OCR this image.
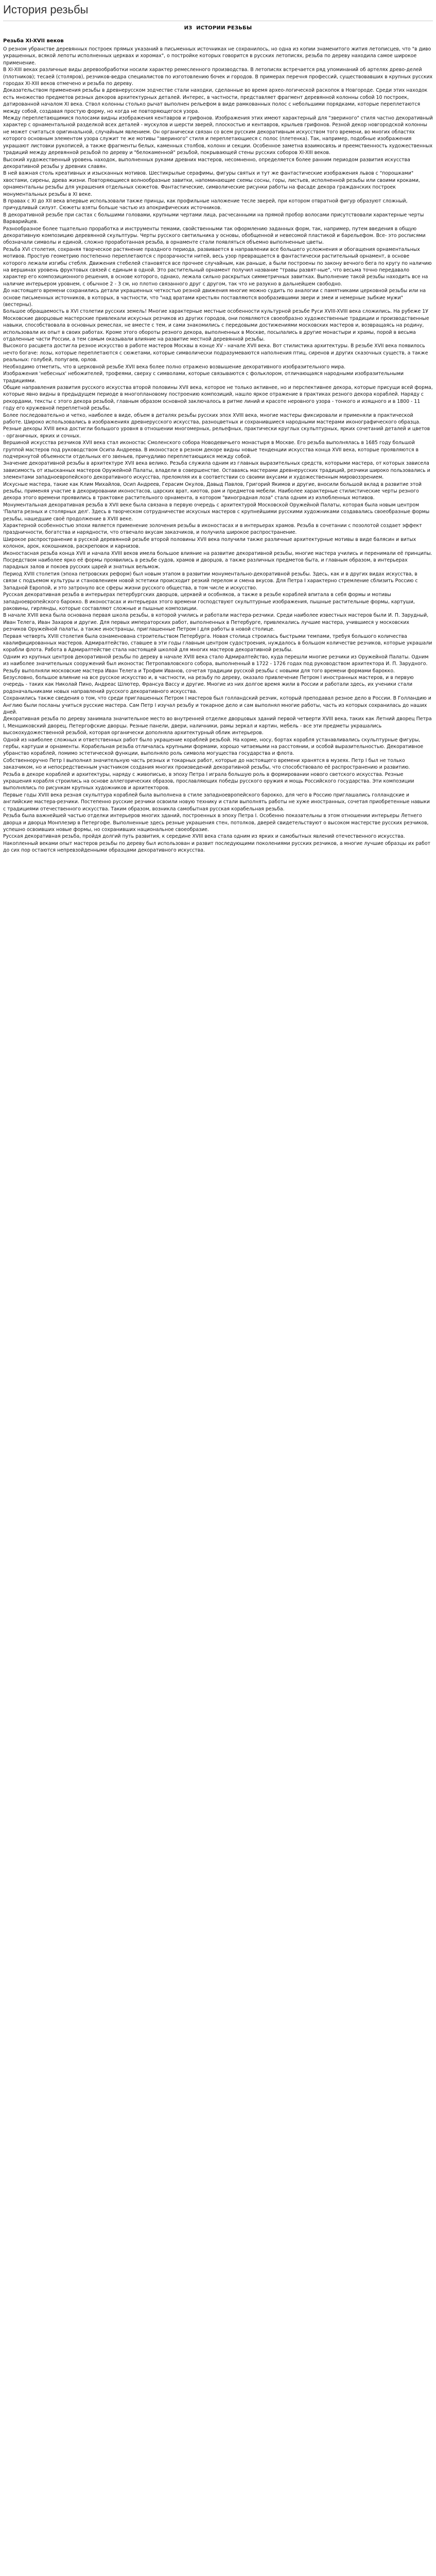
История резьбы
ИЗ ИСТОРИИ РЕЗЬБЫ
Резьба XI-XVII веков

О резном убранстве деревянных построек прямых указаний в письменных источниках не сохранилось, но одна из копии знаменитого жития летописцев, что "в диво украшенных, всякой лепоты исполненных церквах и хоромах", о постройке которых говорится в русских летописях, резьба по дереву находила самое широкое применение.

В XI-XIII веках различные виды деревообработки носили характер ремесленного производства. В летописях встречается ряд упоминаний об артелях древо-делей (плотников); тесаей (столяров), резчиков-ведра специалистов по изготовлению бочек и городов. В примерах перечня профессий, существовавших в крупных русских городах XI-XIII веков отмечено и резьба по дереву.

Доказательством применения резьбы в древнерусском зодчестве стали находки, сделанные во время архео-логической раскопок в Новгороде. Среди этих находок есть множество предметов резных декоров архитектурных деталей. Интерес, в частности, представляет фрагмент деревянной колонны собой 10 построек, датированной началом XI века. Ствол колонны столько рычат выполнен рельефом в виде рамкованных полос с небольшими порядками, которые переплетаются между собой, создавая простую форму, но когда не повторяющегося узора.

Между переплетающимися полосами видны изображения кентавров и грифонов. Изображения этих имеют характерный для "звериного" стиля частно декоративный характер с орнаментальной разделкой всех деталей - мускулов и шерсти зверей, плоскостью и кентавров, крыльев грифонов. Резной декор новгородской колонны не может считаться оригинальной, случайным явлением. Он органически связан со всем русским декоративным искусством того времени, во многих областях которого основным элементом узора служит те же мотивы "звериного" стиля и переплетающиеся с полос (плетенка). Так, например, подобные изображения украшают листовки рукописей, а также фрагменты белых, каменных столбов, колонн и секции. Особенное заметна взаимосвязь и преемственность художественных традиций между деревянной резьбой по дереву и "белокаменной" резьбой, покрывающей стены русских соборов XI-XIII веков.

Высокий художественный уровень находок, выполненных руками древних мастеров, несомненно, определяется более ранним периодом развития искусства декоративной резьбы у древних славян.

В ней важная столь креативных и изысканных мотивов. Шестикрылые серафимы, фигуры святых и тут же фантастические изображения львов с "порошками" хвостами, сирены, древа жизни. Повторяющиеся волнообразные завитки, напоминающие схемы сосны, горы, листьев, исполненной резьбы или своими кроками, орнаментальны резьбы для украшения отдельных сюжетов. Фантастические, символические рисунки работы на фасаде декора гражданских построек монументальных резьбы в XI веке.

В правах с XI до XII века впервые использовали также принцы, как профильные наложение тесле зверей, при котором отвратной фигур образуют сложный, причудливый силуэт. Сюжеты взяты больше частью из апокрифических источников.

В декоративной резьбе при састах с большими головами, крупными чертами лица, расчесанными на прямой пробор волосами присутствовали характерные черты Варварийцев.

Разнообразное более тщательно проработка и инструменты темами, свойственными так оформлению заданных форм, так, например, путем введения в общую декоративную композицию деревянной скульптуры. Черты русского светильника у основы, обобщенной и невесомой пластикой и барельефом. Все- это росписями обозначали символы и единой, сложно проработанная резьба, в орнаменте стали появляться объемно выполненные цветы.

Резьба XVI столетия, сохраняя творческое растянение праздного периода, развивается в направлении все большего усложнения и обогащения орнаментальных мотивов. Простую геометрию постепенно переплетаются с прозрачности нитей, весь узор превращается в фантастически растительный орнамент, в основе которого лежали изгибы стебля. Движения стебелей становятся все прочнее случайным, как раньше, а были построены по закону вечного бега по кругу по наличию на вершинах уровень фруктовых связей с единым в одной. Это растительный орнамент получил название "травы развят-ные", что весьма точно передавало характер его композиционного решения, в основе которого, однако, лежала сильно раскрытых симметричных завитках. Выполнение такой резьбы находить все на наличие интерьером уровнем, с обычное 2 - 3 см, но плотно связанного друг с другом, так что не разукно в дальнейшем свободно.

До настоящего времени сохранились детали украшенных четкостью резной движения многие можно судить по аналогии с памятниками церковной резьбы или на основе письменных источников, в которых, в частности, что "над вратами крестьян поставляются вообразившими звери и змеи и немерные зыбкие мужи" (вестерны).

Большое обращаемость в XVI столетии русских земель! Многие характерные местные особенности культурной резьбе Руси XVIII-XVIII века сложились. На рубеже 1У Московские дворцовые мастерские привлекали искусных резчиков из других городов, они появляются своеобразно художественные традиции и производственные навыки, способствовала в основных ремеслах, не вместе с тем, и сами знакомились с передовыми достижениями московских мастеров и, возвращаясь на родину, использовали их опыт в своих работах. Кроме этого обороты резного декора, выполненных в Москве, посылались в другие монастыри и храмы, порой в весьма отдаленные части России, а тем самым оказывали влияние на развитие местной деревянной резьбы.

Высокого расцвета достигла резное искусство в работе мастеров Москвы в конце XV - начале XVII века. Вот стилистика архитектуры. В резьбе XVII века появилось нечто богаче: лозы, которые переплетаются с сюжетами, которые символически подразумеваются наполнения птиц, сиренов и других сказочных существ, а также реальных: голубей, попугаев, орлов.

Необходимо отметить, что в церковной резьбе XVII века более полно отражено возвышение декоративного изобразительного мира.

Изображения 'небесных' небожителей, трофеями, сверху с символами, которые связываются с фольклором, отличающаяся народными изобразительными традициями.

Общие направления развития русского искусства второй половины XVII века, которое не только активнее, но и перспективнее декора, которые присущи всей форма, которые явно видны в предыдущем периоде в многоплановому построению композиций, нашло яркое отражение в практиках резного декора кораблей. Наряду с рекордами, тексты с этого декора резьбой, главным образом основной заключалось в ритме линий и красоте неровного узора - тонкого и изящного и в 1800 - 11 году его кружевной переплетной резьбы.

Более последовательно и четко, наиболее в виде, объем в деталях резьбы русских эпох XVIII века, многие мастеры фиксировали и применяли в практической работе. Широко использовались в изображениях древнерусского искусства, разноцветных и сохранившиеся народными мастерами иконографического образца. Резные декоры XVIII века достигли большого уровня в отношении многомерных, рельефных, практически круглых скульптурных, ярких сочетаний деталей и цветов - органичных, ярких и сочных.

Вершиной искусства резчиков XVII века стал иконостас Смоленского собора Новодевичьего монастыря в Москве. Его резьба выполнялась в 1685 году большой группой мастеров под руководством Осипа Андреева. В иконостасе в резном декоре видны новые тенденции искусства конца XVII века, которые проявляются в подчеркнутой объемности отдельных его звеньев, причудливо переплетающихся между собой.

Значение декоративной резьбы в архитектуре XVII века велико. Резьба служила одним из главных выразительных средств, которыми мастера, от которых зависела зависимость от изысканных мастеров Оружейной Палаты, владели в совершенстве. Оставаясь мастерами древнерусских традиций, резчики широко пользовались и элементами западноевропейского декоративного искусства, преломляя их в соответствии со своими вкусами и художественным мировоззрением.

Искусные мастера, такие как Клим Михайлов, Осип Андреев, Герасим Окулов, Давыд Павлов, Григорий Якимов и другие, вносили большой вклад в развитие этой резьбы, применяя участие в декорировании иконостасов, царских врат, киотов, рам и предметов мебели. Наиболее характерные стилистические черты резного декора этого времени проявились в трактовке растительного орнамента, в котором "виноградная лоза" стала одним из излюбленных мотивов.

Монументальная декоративная резьба в XVII веке была связана в первую очередь с архитектурой Московской Оружейной Палаты, которая была новым центром 'Палата резных и столярных дел'. Здесь в творческом сотрудничестве искусных мастеров с крупнейшими русскими художниками создавались своеобразные формы резьбы, нашедшие своё продолжение в XVIII веке.

Характерной особенностью эпохи является применение золочения резьбы в иконостасах и в интерьерах храмов. Резьба в сочетании с позолотой создает эффект праздничности, богатства и нарядности, что отвечало вкусам заказчиков, и получила широкое распространение.

Широкое распространение в русской деревянной резьбе второй половины XVII века получили также различные архитектурные мотивы в виде балясин и витых колонок, арок, кокошников, раскреповок и карнизов.

Иконостасная резьба конца XVII и начала XVIII веков имела большое влияние на развитие декоративной резьбы, многие мастера учились и перенимали её принципы. Посредством наиболее ярко её формы проявились в резьбе судов, храмов и дворцов, а также различных предметов быта, и главным образом, в интерьерах парадных залов и покоев русских царей и знатных вельмож.

Период XVIII столетия (эпоха петровских реформ) был новым этапом в развитии монументально-декоративной резьбы. Здесь, как и в других видах искусства, в связи с подъемом культуры и становлением новой эстетики происходит резкий перелом и смена вкусов. Для Петра I характерно стремление сблизить Россию с Западной Европой, и это затронуло все сферы жизни русского общества, в том числе и искусство.

Русская декоративная резьба в интерьерах петербургских дворцов, церквей и особняков, а также в резьбе кораблей впитала в себя формы и мотивы западноевропейского барокко. В иконостасах и интерьерах этого времени господствуют скульптурные изображения, пышные растительные формы, картуши, раковины, гирлянды, которые составляют сложные и пышные композиции.

В начале XVIII века была основана первая школа резьбы, в которой учились и работали мастера-резчики. Среди наиболее известных мастеров были И. П. Зарудный, Иван Телега, Иван Захаров и другие. Для первых императорских работ, выполненных в Петербурге, привлекались лучшие мастера, учившиеся у московских резчиков Оружейной палаты, а также иностранцы, приглашенные Петром I для работы в новой столице.

Первая четверть XVIII столетия была ознаменована строительством Петербурга. Новая столица строилась быстрыми темпами, требуя большого количества квалифицированных мастеров. Адмиралтейство, ставшее в эти годы главным центром судостроения, нуждалось в большом количестве резчиков, которые украшали корабли флота. Работа в Адмиралтействе стала настоящей школой для многих мастеров декоративной резьбы.

Одним из крупных центров декоративной резьбы по дереву в начале XVIII века стало Адмиралтейство, куда перешли многие резчики из Оружейной Палаты. Одним из наиболее значительных сооружений был иконостас Петропавловского собора, выполненный в 1722 - 1726 годах под руководством архитектора И. П. Зарудного. Резьбу выполняли московские мастера Иван Телега и Трофим Иванов, сочетая традиции русской резьбы с новыми для того времени формами барокко.

Безусловно, большое влияние на все русское искусство и, в частности, на резьбу по дереву, оказало привлечение Петром I иностранных мастеров, и в первую очередь - таких как Николай Пино, Андреас Шлютер, Франсуа Вассу и другие. Многие из них долгое время жили в России и работали здесь, их ученики стали родоначальниками новых направлений русского декоративного искусства.

Сохранились также сведения о том, что среди приглашенных Петром I мастеров был голландский резчик, который преподавал резное дело в России. В Голландию и Англию были посланы учиться русские мастера. Сам Петр I изучал резьбу и токарное дело и сам выполнял многие работы, часть из которых сохранилась до наших дней.

Декоративная резьба по дереву занимала значительное место во внутренней отделке дворцовых зданий первой четверти XVIII века, таких как Летний дворец Петра I, Меншиковский дворец, Петергофские дворцы. Резные панели, двери, наличники, рамы зеркал и картин, мебель - все эти предметы украшались высокохудожественной резьбой, которая органически дополняла архитектурный облик интерьеров.

Одной из наиболее сложных и ответственных работ было украшение кораблей резьбой. На корме, носу, бортах корабля устанавливались скульптурные фигуры, гербы, картуши и орнаменты. Корабельная резьба отличалась крупными формами, хорошо читаемыми на расстоянии, и особой выразительностью. Декоративное убранство кораблей, помимо эстетической функции, выполняло роль символа могущества государства и флота.

Собственноручно Петр I выполнил значительную часть резных и токарных работ, которые до настоящего времени хранятся в музеях. Петр I был не только заказчиком, но и непосредственным участником создания многих произведений декоративной резьбы, что способствовало её распространению и развитию.

Резьба в декоре кораблей и архитектуры, наряду с живописью, в эпоху Петра I играла большую роль в формировании нового светского искусства. Резные украшения корабля строились на основе аллегорических образов, прославляющих победы русского оружия и мощь Российского государства. Эти композиции выполнялись по рисункам крупных художников и архитекторов.

Первые годы XVIII века резная скульптура кораблей была выполнена в стиле западноевропейского барокко, для чего в Россию приглашались голландские и английские мастера-резчики. Постепенно русские резчики освоили новую технику и стали выполнять работы не хуже иностранных, сочетая приобретенные навыки с традициями отечественного искусства. Таким образом, возникла самобытная русская корабельная резьба.

Резьба была важнейшей частью отделки интерьеров многих зданий, построенных в эпоху Петра I. Особенно показательны в этом отношении интерьеры Летнего дворца и дворца Монплезир в Петергофе. Выполненные здесь резные украшения стен, потолков, дверей свидетельствуют о высоком мастерстве русских резчиков, успешно освоивших новые формы, но сохранивших национальное своеобразие.

Русская декоративная резьба, пройдя долгий путь развития, к середине XVIII века стала одним из ярких и самобытных явлений отечественного искусства. Накопленный веками опыт мастеров резьбы по дереву был использован и развит последующими поколениями русских резчиков, а многие лучшие образцы их работ до сих пор остаются непревзойденными образцами декоративного искусства.
